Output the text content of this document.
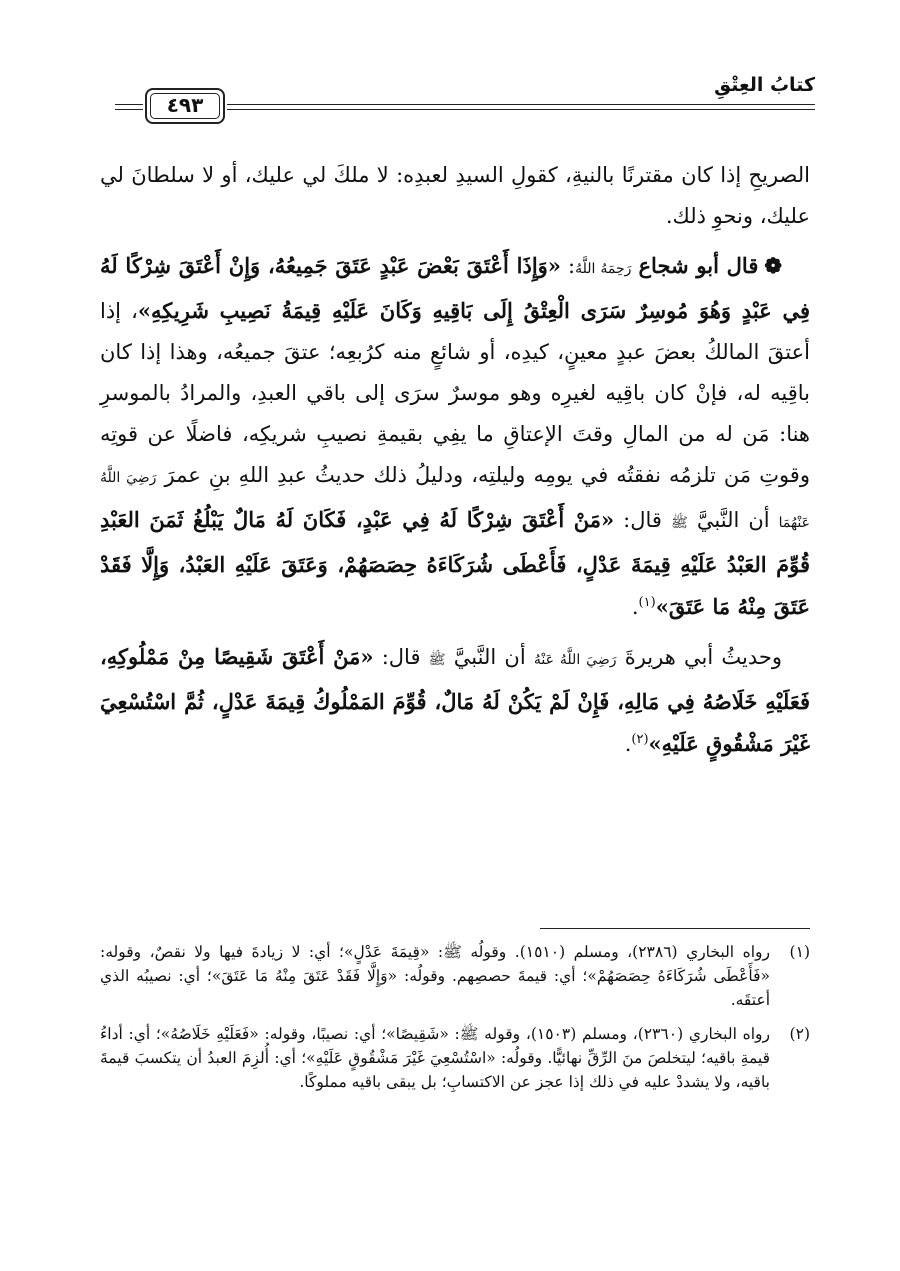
٤٩٣
كتابُ العِتْقِ

الصريحِ إذا كان مقترنًا بالنيةِ، كقولِ السيدِ لعبدِه: لا ملكَ لي عليك، أو لا سلطانَ لي عليك، ونحوِ ذلك.

❁قال أبو شجاع رَحِمَهُ اللَّهُ: «وَإِذَا أَعْتَقَ بَعْضَ عَبْدٍ عَتَقَ جَمِيعُهُ، وَإِنْ أَعْتَقَ شِرْكًا لَهُ فِي عَبْدٍ وَهُوَ مُوسِرٌ سَرَى الْعِتْقُ إِلَى بَاقِيهِ وَكَانَ عَلَيْهِ قِيمَةُ نَصِيبِ شَرِيكِهِ»، إذا أعتقَ المالكُ بعضَ عبدٍ معينٍ، كيدِه، أو شائعٍ منه كرُبعِه؛ عتقَ جميعُه، وهذا إذا كان باقِيه له، فإنْ كان باقِيه لغيرِه وهو موسرٌ سرَى إلى باقي العبدِ، والمرادُ بالموسرِ هنا: مَن له من المالِ وقتَ الإعتاقِ ما يفِي بقيمةِ نصيبِ شريكِه، فاضلًا عن قوتِه وقوتِ مَن تلزمُه نفقتُه في يومِه وليلتِه، ودليلُ ذلك حديثُ عبدِ اللهِ بنِ عمرَ رَضِيَ اللَّهُ عَنْهُمَا أن النَّبيَّ ﷺ قال: «مَنْ أَعْتَقَ شِرْكًا لَهُ فِي عَبْدٍ، فَكَانَ لَهُ مَالٌ يَبْلُغُ ثَمَنَ العَبْدِ قُوِّمَ العَبْدُ عَلَيْهِ قِيمَةَ عَدْلٍ، فَأَعْطَى شُرَكَاءَهُ حِصَصَهُمْ، وَعَتَقَ عَلَيْهِ العَبْدُ، وَإِلَّا فَقَدْ عَتَقَ مِنْهُ مَا عَتَقَ»$^{(١)}$.

وحديثُ أبي هريرةَ رَضِيَ اللَّهُ عَنْهُ أن النَّبيَّ ﷺ قال: «مَنْ أَعْتَقَ شَقِيصًا مِنْ مَمْلُوكِهِ، فَعَلَيْهِ خَلَاصُهُ فِي مَالِهِ، فَإِنْ لَمْ يَكُنْ لَهُ مَالٌ، قُوِّمَ المَمْلُوكُ قِيمَةَ عَدْلٍ، ثُمَّ اسْتُسْعِيَ غَيْرَ مَشْقُوقٍ عَلَيْهِ»$^{(٢)}$.

(١)
رواه البخاري (٢٣٨٦)، ومسلم (١٥١٠). وقولُه ﷺ: «قِيمَةَ عَدْلٍ»؛ أي: لا زيادةَ فيها ولا نقصٌ، وقوله: «فَأَعْطَى شُرَكَاءَهُ حِصَصَهُمْ»؛ أي: قيمةَ حصصِهم. وقولُه: «وَإِلَّا فَقَدْ عَتَقَ مِنْهُ مَا عَتَقَ»؛ أي: نصيبُه الذي أعتقَه.
(٢)
رواه البخاري (٢٣٦٠)، ومسلم (١٥٠٣)، وقوله ﷺ: «شَقِيصًا»؛ أي: نصيبًا، وقوله: «فَعَلَيْهِ خَلَاصُهُ»؛ أي: أداءُ قيمةِ باقيه؛ ليتخلصَ منَ الرِّقِّ نهائيًّا. وقولُه: «اسْتُسْعِيَ غَيْرَ مَشْقُوقٍ عَلَيْهِ»؛ أي: أُلزِمَ العبدُ أن يتكسبَ قيمةَ باقيه، ولا يشددْ عليه في ذلك إذا عجز عن الاكتسابِ؛ بل يبقى باقيه مملوكًا.
